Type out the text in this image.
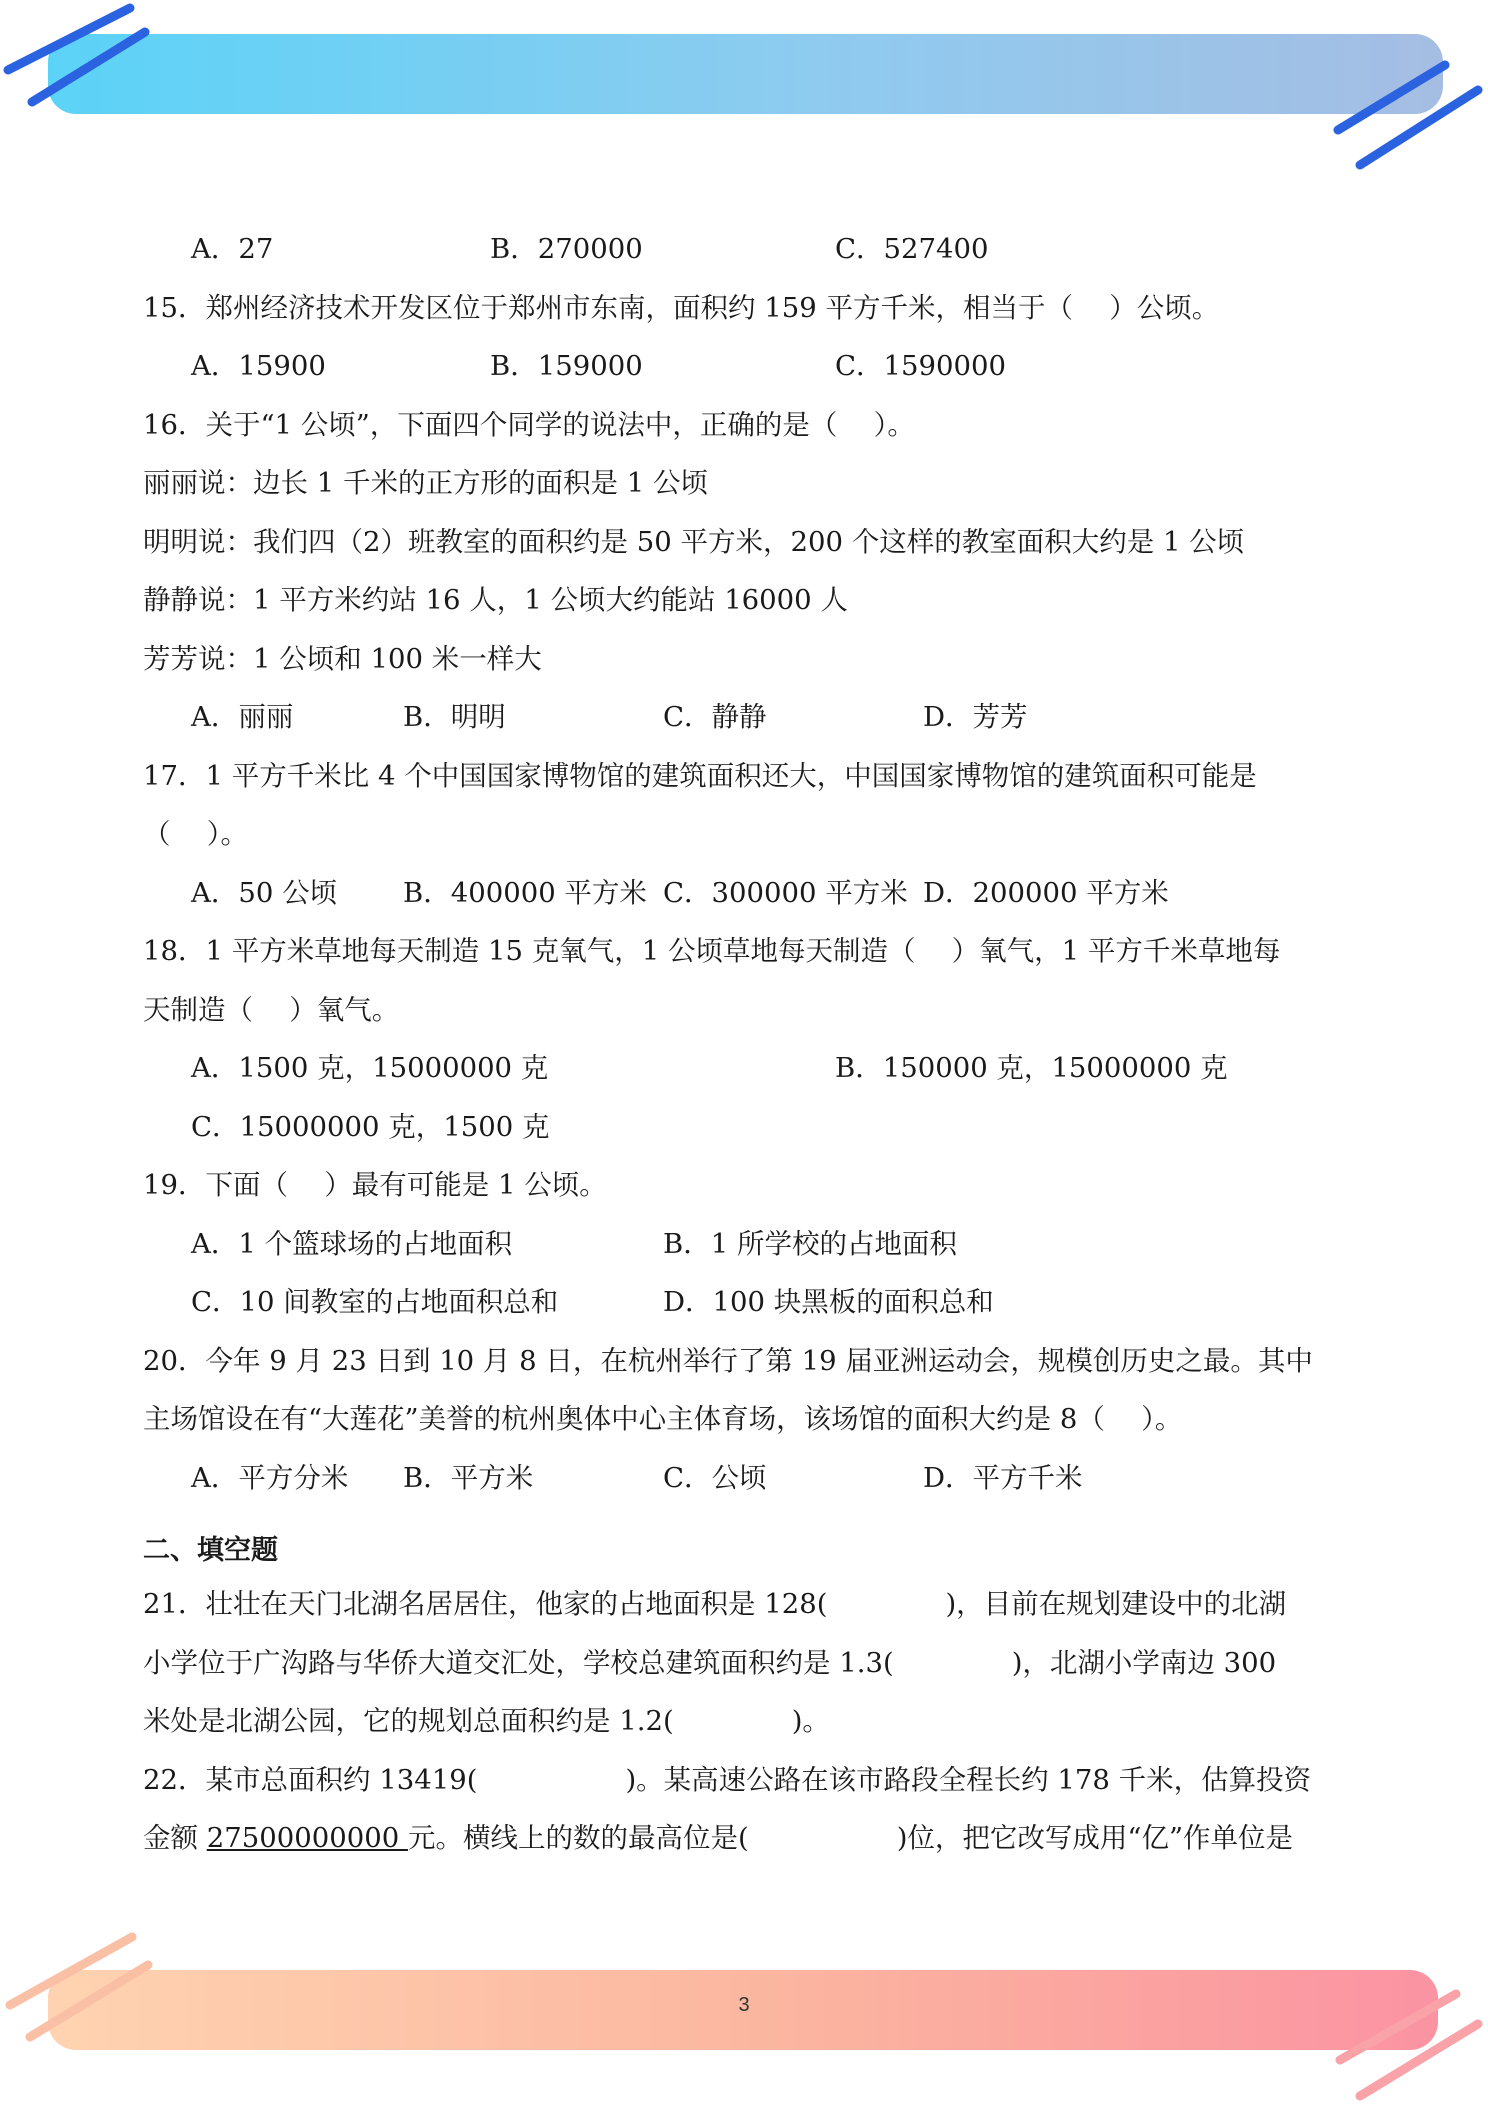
3
A．27	B．270000	C．527400
15．郑州经济技术开发区位于郑州市东南，面积约 159 平方千米，相当于（　 ）公顷。
A．15900	B．159000	C．1590000
16．关于“1 公顷”，下面四个同学的说法中，正确的是（　 ）。
丽丽说：边长 1 千米的正方形的面积是 1 公顷
明明说：我们四（2）班教室的面积约是 50 平方米，200 个这样的教室面积大约是 1 公顷
静静说：1 平方米约站 16 人，1 公顷大约能站 16000 人
芳芳说：1 公顷和 100 米一样大
A．丽丽	B．明明	C．静静	D．芳芳
17．1 平方千米比 4 个中国国家博物馆的建筑面积还大，中国国家博物馆的建筑面积可能是
（　 ）。
A．50 公顷 B．400000 平方米 C．300000 平方米 D．200000 平方米
18．1 平方米草地每天制造 15 克氧气，1 公顷草地每天制造（　 ）氧气，1 平方千米草地每
天制造（　 ）氧气。
A．1500 克，15000000 克	B．150000 克，15000000 克
C．15000000 克，1500 克
19．下面（　 ）最有可能是 1 公顷。
A．1 个篮球场的占地面积	B．1 所学校的占地面积
C．10 间教室的占地面积总和	D．100 块黑板的面积总和
20．今年 9 月 23 日到 10 月 8 日，在杭州举行了第 19 届亚洲运动会，规模创历史之最。其中
主场馆设在有“大莲花”美誉的杭州奥体中心主体育场，该场馆的面积大约是 8（　 ）。
A．平方分米 B．平方米	C．公顷	D．平方千米
二、填空题
21．壮壮在天门北湖名居居住，他家的占地面积是 128(	)，目前在规划建设中的北湖
小学位于广沟路与华侨大道交汇处，学校总建筑面积约是 1.3(	)，北湖小学南边 300
米处是北湖公园，它的规划总面积约是 1.2(	)。
22．某市总面积约 13419(	)。某高速公路在该市路段全程长约 178 千米，估算投资
金额 27500000000 元。横线上的数的最高位是(	)位，把它改写成用“亿”作单位是
